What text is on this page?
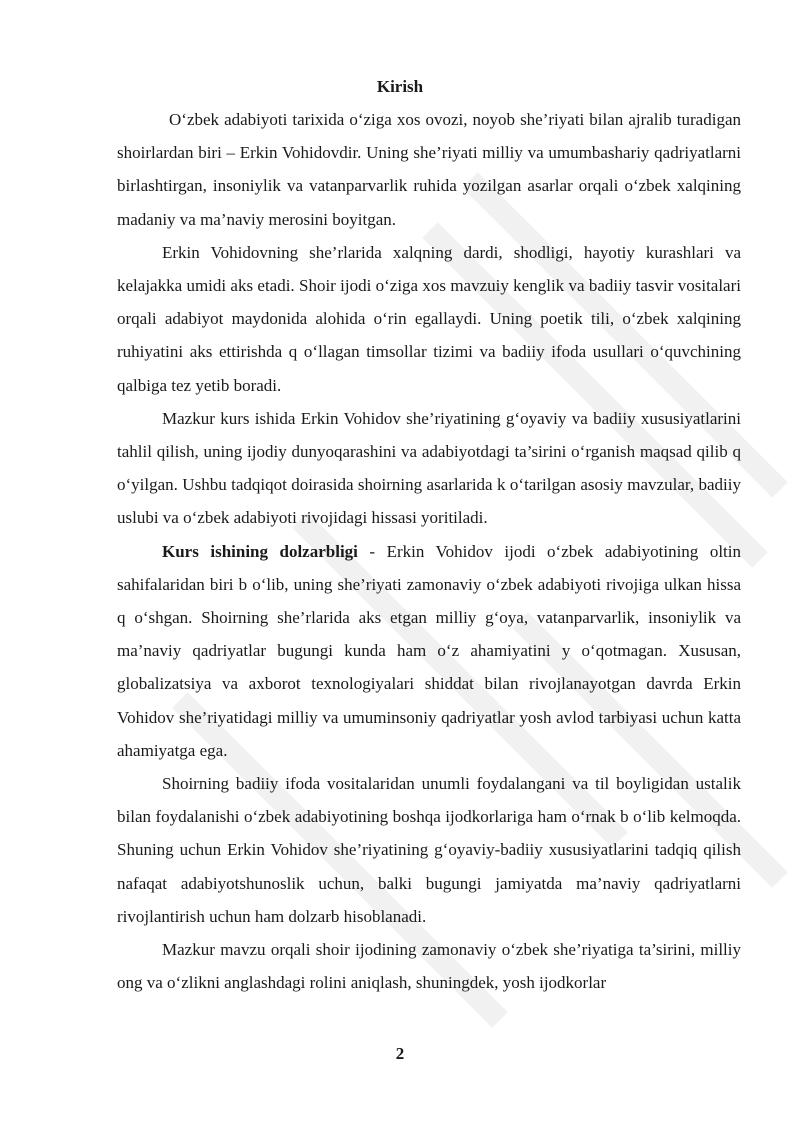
Kirish

O‘zbek adabiyoti tarixida o‘ziga xos ovozi, noyob she’riyati bilan ajralib turadigan shoirlardan biri – Erkin Vohidovdir. Uning she’riyati milliy va umumbashariy qadriyatlarni birlashtirgan, insoniylik va vatanparvarlik ruhida yozilgan asarlar orqali o‘zbek xalqining madaniy va ma’naviy merosini boyitgan.

Erkin Vohidovning she’rlarida xalqning dardi, shodligi, hayotiy kurashlari va kelajakka umidi aks etadi. Shoir ijodi o‘ziga xos mavzuiy kenglik va badiiy tasvir vositalari orqali adabiyot maydonida alohida o‘rin egallaydi. Uning poetik tili, o‘zbek xalqining ruhiyatini aks ettirishda q o‘llagan timsollar tizimi va badiiy ifoda usullari o‘quvchining qalbiga tez yetib boradi.

Mazkur kurs ishida Erkin Vohidov she’riyatining g‘oyaviy va badiiy xususiyatlarini tahlil qilish, uning ijodiy dunyoqarashini va adabiyotdagi ta’sirini o‘rganish maqsad qilib q o‘yilgan. Ushbu tadqiqot doirasida shoirning asarlarida k o‘tarilgan asosiy mavzular, badiiy uslubi va o‘zbek adabiyoti rivojidagi hissasi yoritiladi.

Kurs ishining dolzarbligi - Erkin Vohidov ijodi o‘zbek adabiyotining oltin sahifalaridan biri b o‘lib, uning she’riyati zamonaviy o‘zbek adabiyoti rivojiga ulkan hissa q o‘shgan. Shoirning she’rlarida aks etgan milliy g‘oya, vatanparvarlik, insoniylik va ma’naviy qadriyatlar bugungi kunda ham o‘z ahamiyatini y o‘qotmagan. Xususan, globalizatsiya va axborot texnologiyalari shiddat bilan rivojlanayotgan davrda Erkin Vohidov she’riyatidagi milliy va umuminsoniy qadriyatlar yosh avlod tarbiyasi uchun katta ahamiyatga ega.

Shoirning badiiy ifoda vositalaridan unumli foydalangani va til boyligidan ustalik bilan foydalanishi o‘zbek adabiyotining boshqa ijodkorlariga ham o‘rnak b o‘lib kelmoqda. Shuning uchun Erkin Vohidov she’riyatining g‘oyaviy-badiiy xususiyatlarini tadqiq qilish nafaqat adabiyotshunoslik uchun, balki bugungi jamiyatda ma’naviy qadriyatlarni rivojlantirish uchun ham dolzarb hisoblanadi.

Mazkur mavzu orqali shoir ijodining zamonaviy o‘zbek she’riyatiga ta’sirini, milliy ong va o‘zlikni anglashdagi rolini aniqlash, shuningdek, yosh ijodkorlar

2
